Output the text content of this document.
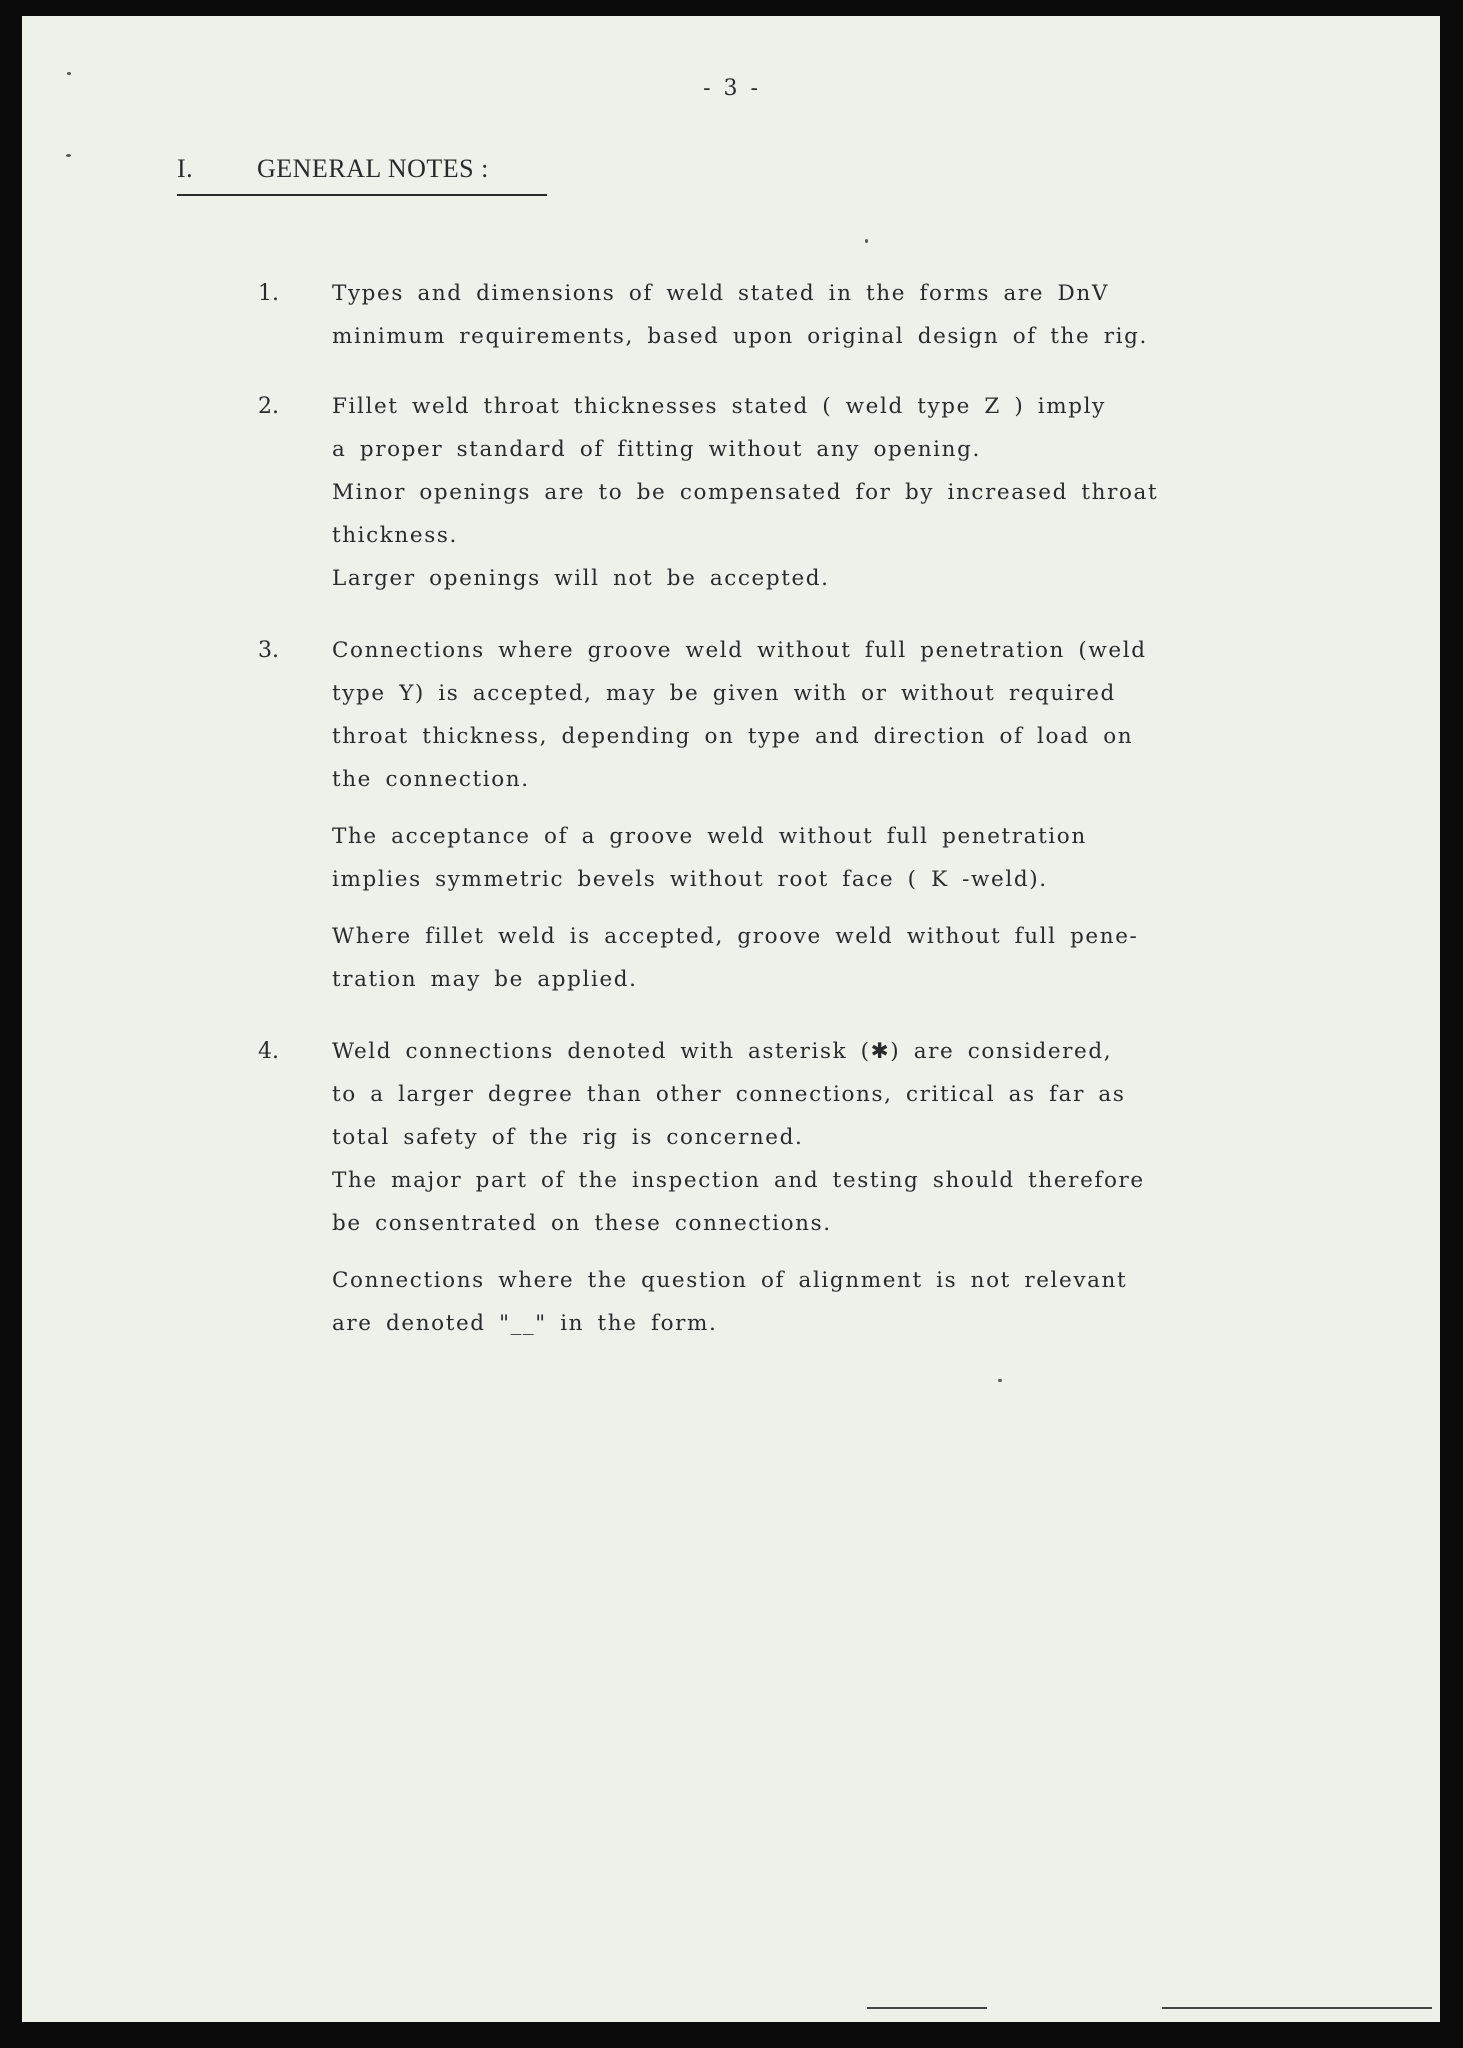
- 3 -
I. GENERAL NOTES :
1. Types and dimensions of weld stated in the forms are DnV
minimum requirements, based upon original design of the rig.
2. Fillet weld throat thicknesses stated ( weld type Z ) imply
a proper standard of fitting without any opening.
Minor openings are to be compensated for by increased throat
thickness.
Larger openings will not be accepted.
3. Connections where groove weld without full penetration (weld
type Y) is accepted, may be given with or without required
throat thickness, depending on type and direction of load on
the connection.
The acceptance of a groove weld without full penetration
implies symmetric bevels without root face ( K -weld).
Where fillet weld is accepted, groove weld without full pene-
tration may be applied.
4. Weld connections denoted with asterisk (✱) are considered,
to a larger degree than other connections, critical as far as
total safety of the rig is concerned.
The major part of the inspection and testing should therefore
be consentrated on these connections.
Connections where the question of alignment is not relevant
are denoted "__" in the form.
